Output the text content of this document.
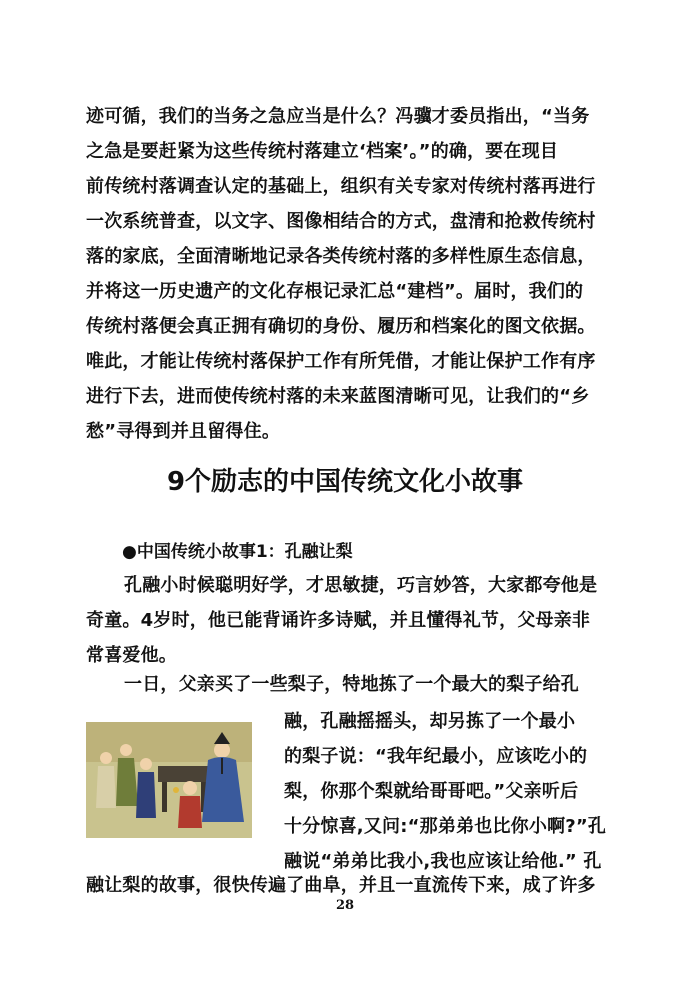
迹可循，我们的当务之急应当是什么？冯骥才委员指出，“当务
之急是要赶紧为这些传统村落建立‘档案’。”的确，要在现目
前传统村落调查认定的基础上，组织有关专家对传统村落再进行
一次系统普查，以文字、图像相结合的方式，盘清和抢救传统村
落的家底，全面清晰地记录各类传统村落的多样性原生态信息，
并将这一历史遗产的文化存根记录汇总“建档”。届时，我们的
传统村落便会真正拥有确切的身份、履历和档案化的图文依据。
唯此，才能让传统村落保护工作有所凭借，才能让保护工作有序
进行下去，进而使传统村落的未来蓝图清晰可见，让我们的“乡
愁”寻得到并且留得住。
9个励志的中国传统文化小故事
●中国传统小故事1：孔融让梨
孔融小时候聪明好学，才思敏捷，巧言妙答，大家都夸他是
奇童。4岁时，他已能背诵许多诗赋，并且懂得礼节，父母亲非
常喜爱他。
一日，父亲买了一些梨子，特地拣了一个最大的梨子给孔
融，孔融摇摇头，却另拣了一个最小
的梨子说：“我年纪最小，应该吃小的
梨，你那个梨就给哥哥吧。”父亲听后
十分惊喜,又问:“那弟弟也比你小啊?”孔
融说“弟弟比我小,我也应该让给他.” 孔
融让梨的故事，很快传遍了曲阜，并且一直流传下来，成了许多
28
